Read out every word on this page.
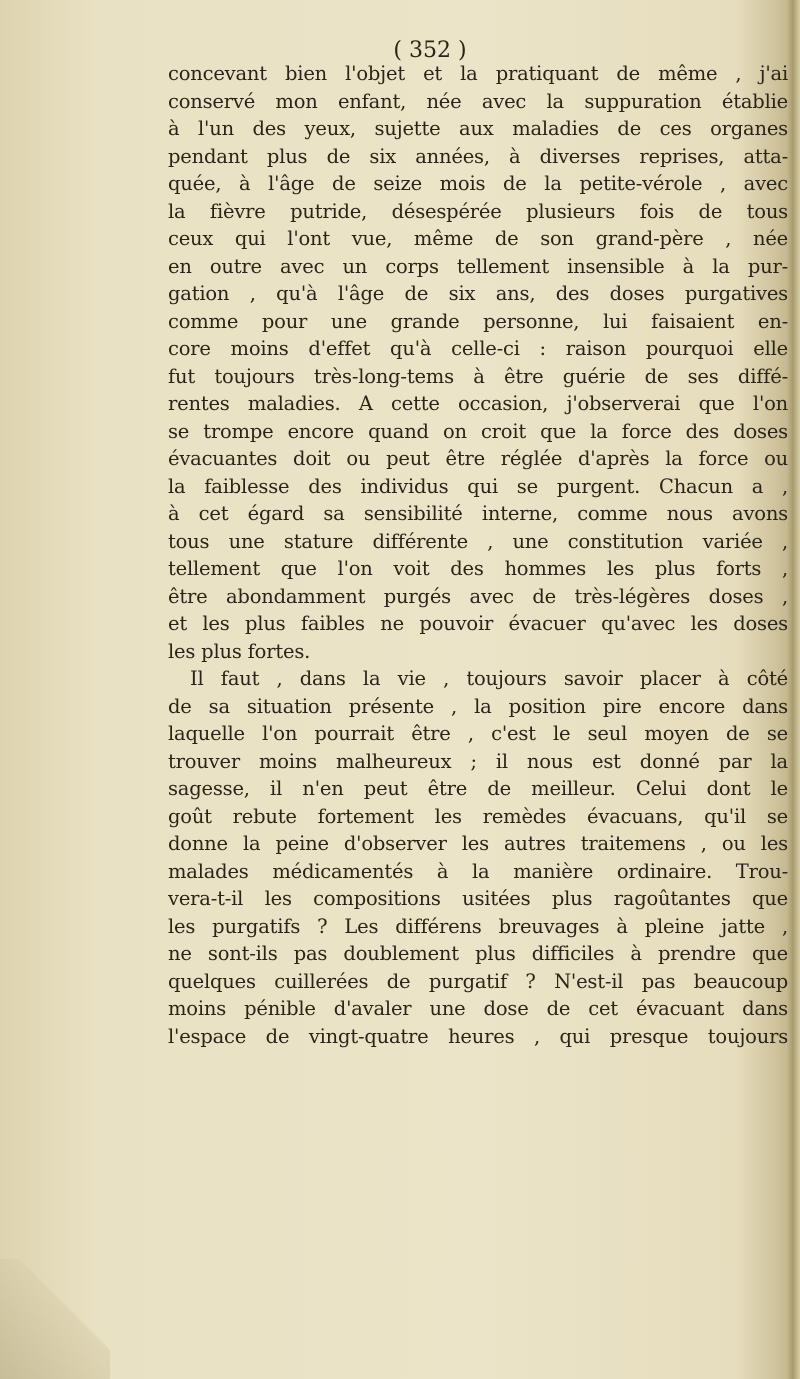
( 352 )
concevant bien l'objet et la pratiquant de même , j'ai
conservé mon enfant, née avec la suppuration établie
à l'un des yeux, sujette aux maladies de ces organes
pendant plus de six années, à diverses reprises, atta-
quée, à l'âge de seize mois de la petite-vérole , avec
la fièvre putride, désespérée plusieurs fois de tous
ceux qui l'ont vue, même de son grand-père , née
en outre avec un corps tellement insensible à la pur-
gation , qu'à l'âge de six ans, des doses purgatives
comme pour une grande personne, lui faisaient en-
core moins d'effet qu'à celle-ci : raison pourquoi elle
fut toujours très-long-tems à être guérie de ses diffé-
rentes maladies. A cette occasion, j'observerai que l'on
se trompe encore quand on croit que la force des doses
évacuantes doit ou peut être réglée d'après la force ou
la faiblesse des individus qui se purgent. Chacun a ,
à cet égard sa sensibilité interne, comme nous avons
tous une stature différente , une constitution variée ,
tellement que l'on voit des hommes les plus forts ,
être abondamment purgés avec de très-légères doses ,
et les plus faibles ne pouvoir évacuer qu'avec les doses
les plus fortes.
Il faut , dans la vie , toujours savoir placer à côté
de sa situation présente , la position pire encore dans
laquelle l'on pourrait être , c'est le seul moyen de se
trouver moins malheureux ; il nous est donné par la
sagesse, il n'en peut être de meilleur. Celui dont le
goût rebute fortement les remèdes évacuans, qu'il se
donne la peine d'observer les autres traitemens , ou les
malades médicamentés à la manière ordinaire. Trou-
vera-t-il les compositions usitées plus ragoûtantes que
les purgatifs ? Les différens breuvages à pleine jatte ,
ne sont-ils pas doublement plus difficiles à prendre que
quelques cuillerées de purgatif ? N'est-il pas beaucoup
moins pénible d'avaler une dose de cet évacuant dans
l'espace de vingt-quatre heures , qui presque toujours
